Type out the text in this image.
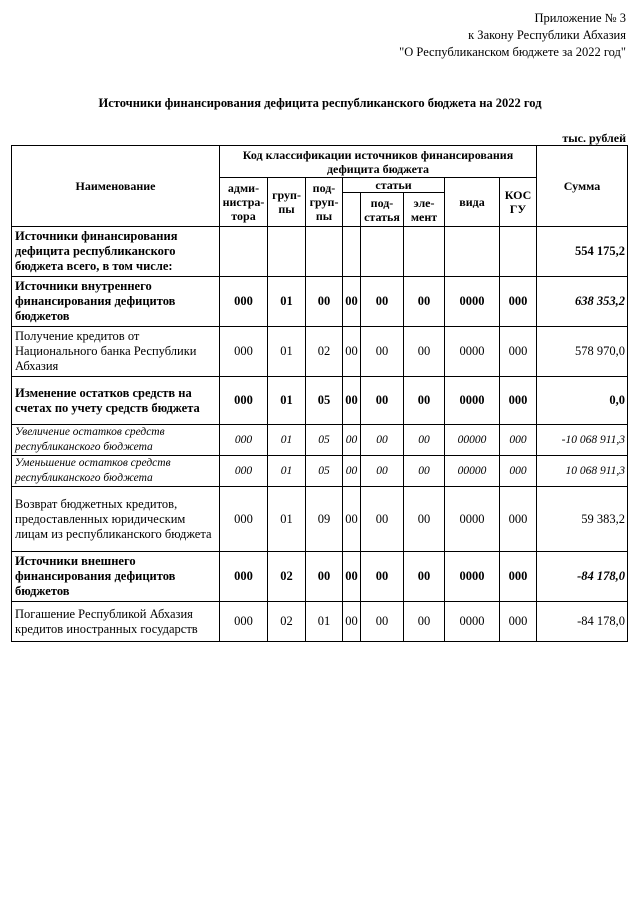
Приложение № 3
к Закону Республики Абхазия
"О Республиканском бюджете за 2022 год"
Источники финансирования дефицита республиканского бюджета на 2022 год
тыс. рублей
Наименование	Код классификации источников финансирования дефицита бюджета								Сумма
	адми-нистра-тора	груп-пы	под-груп-пы	статьи			вида	КОС ГУ	
					под-статья	эле-мент			
Источники финансирования дефицита республиканского бюджета всего, в том числе:									554 175,2
Источники внутреннего финансирования дефицитов бюджетов	000	01	00	00	00	00	0000	000	638 353,2
Получение кредитов от Национального банка Республики Абхазия	000	01	02	00	00	00	0000	000	578 970,0
Изменение остатков средств на счетах по учету средств бюджета	000	01	05	00	00	00	0000	000	0,0
Увеличение остатков средств республиканского бюджета	000	01	05	00	00	00	00000	000	-10 068 911,3
Уменьшение остатков средств республиканского бюджета	000	01	05	00	00	00	00000	000	10 068 911,3
Возврат бюджетных кредитов, предоставленных юридическим лицам из республиканского бюджета	000	01	09	00	00	00	0000	000	59 383,2
Источники внешнего финансирования дефицитов бюджетов	000	02	00	00	00	00	0000	000	-84 178,0
Погашение Республикой Абхазия кредитов иностранных государств	000	02	01	00	00	00	0000	000	-84 178,0
